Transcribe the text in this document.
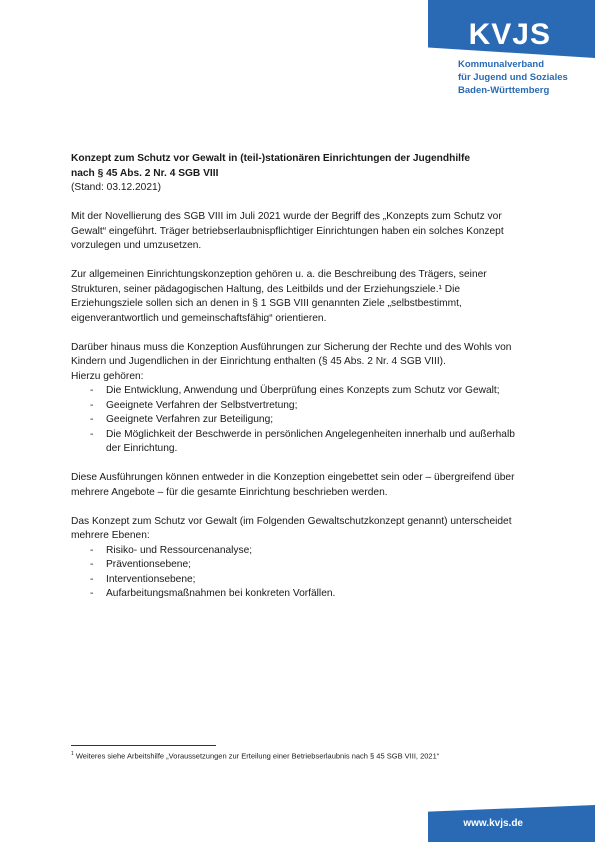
KVJS
Kommunalverband
für Jugend und Soziales
Baden-Württemberg
Konzept zum Schutz vor Gewalt in (teil-)stationären Einrichtungen der Jugendhilfe
nach § 45 Abs. 2 Nr. 4 SGB VIII
(Stand: 03.12.2021)

Mit der Novellierung des SGB VIII im Juli 2021 wurde der Begriff des „Konzepts zum Schutz vor Gewalt“ eingeführt. Träger betriebserlaubnispflichtiger Einrichtungen haben ein solches Konzept vorzulegen und umzusetzen.

Zur allgemeinen Einrichtungskonzeption gehören u. a. die Beschreibung des Trägers, seiner Strukturen, seiner pädagogischen Haltung, des Leitbilds und der Erziehungsziele.¹ Die Erziehungsziele sollen sich an denen in § 1 SGB VIII genannten Ziele „selbstbestimmt, eigenverantwortlich und gemeinschaftsfähig“ orientieren.

Darüber hinaus muss die Konzeption Ausführungen zur Sicherung der Rechte und des Wohls von Kindern und Jugendlichen in der Einrichtung enthalten (§ 45 Abs. 2 Nr. 4 SGB VIII).

Hierzu gehören:
- Die Entwicklung, Anwendung und Überprüfung eines Konzepts zum Schutz vor Gewalt;
- Geeignete Verfahren der Selbstvertretung;
- Geeignete Verfahren zur Beteiligung;
- Die Möglichkeit der Beschwerde in persönlichen Angelegenheiten innerhalb und außerhalb der Einrichtung.

Diese Ausführungen können entweder in die Konzeption eingebettet sein oder – übergreifend über mehrere Angebote – für die gesamte Einrichtung beschrieben werden.

Das Konzept zum Schutz vor Gewalt (im Folgenden Gewaltschutzkonzept genannt) unterscheidet mehrere Ebenen:

- Risiko- und Ressourcenanalyse;
- Präventionsebene;
- Interventionsebene;
- Aufarbeitungsmaßnahmen bei konkreten Vorfällen.
$^1$ Weiteres siehe Arbeitshilfe „Voraussetzungen zur Erteilung einer Betriebserlaubnis nach § 45 SGB VIII, 2021“
www.kvjs.de
